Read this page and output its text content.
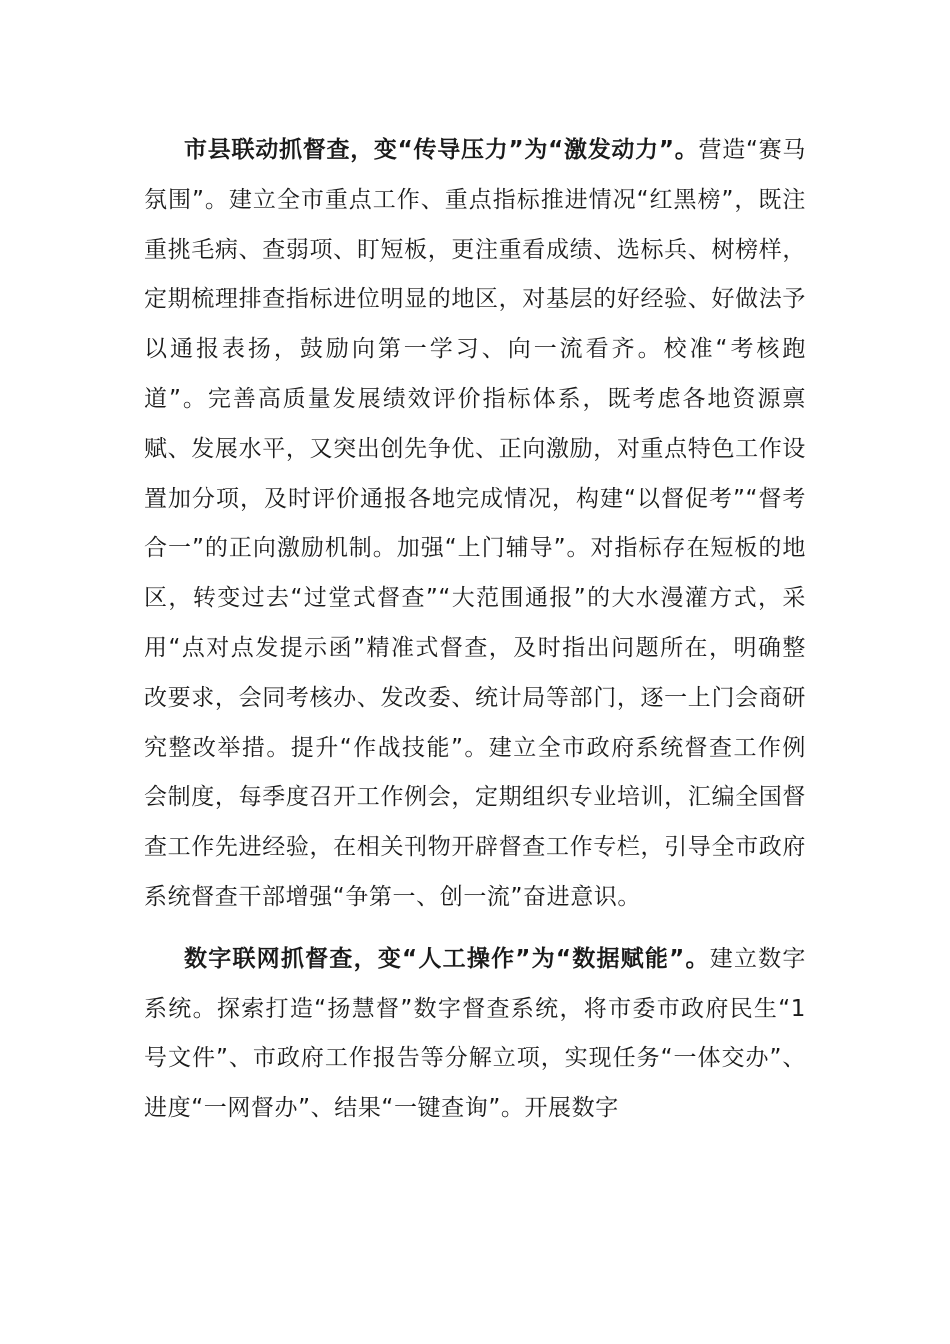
市县联动抓督查，变“传导压力”为“激发动力”。营造“赛马氛围”。建立全市重点工作、重点指标推进情况“红黑榜”，既注重挑毛病、查弱项、盯短板，更注重看成绩、选标兵、树榜样，定期梳理排查指标进位明显的地区，对基层的好经验、好做法予以通报表扬，鼓励向第一学习、向一流看齐。校准“考核跑道”。完善高质量发展绩效评价指标体系，既考虑各地资源禀赋、发展水平，又突出创先争优、正向激励，对重点特色工作设置加分项，及时评价通报各地完成情况，构建“以督促考”“督考合一”的正向激励机制。加强“上门辅导”。对指标存在短板的地区，转变过去“过堂式督查”“大范围通报”的大水漫灌方式，采用“点对点发提示函”精准式督查，及时指出问题所在，明确整改要求，会同考核办、发改委、统计局等部门，逐一上门会商研究整改举措。提升“作战技能”。建立全市政府系统督查工作例会制度，每季度召开工作例会，定期组织专业培训，汇编全国督查工作先进经验，在相关刊物开辟督查工作专栏，引导全市政府系统督查干部增强“争第一、创一流”奋进意识。

数字联网抓督查，变“人工操作”为“数据赋能”。建立数字系统。探索打造“扬慧督”数字督查系统，将市委市政府民生“1号文件”、市政府工作报告等分解立项，实现任务“一体交办”、进度“一网督办”、结果“一键查询”。开展数字
